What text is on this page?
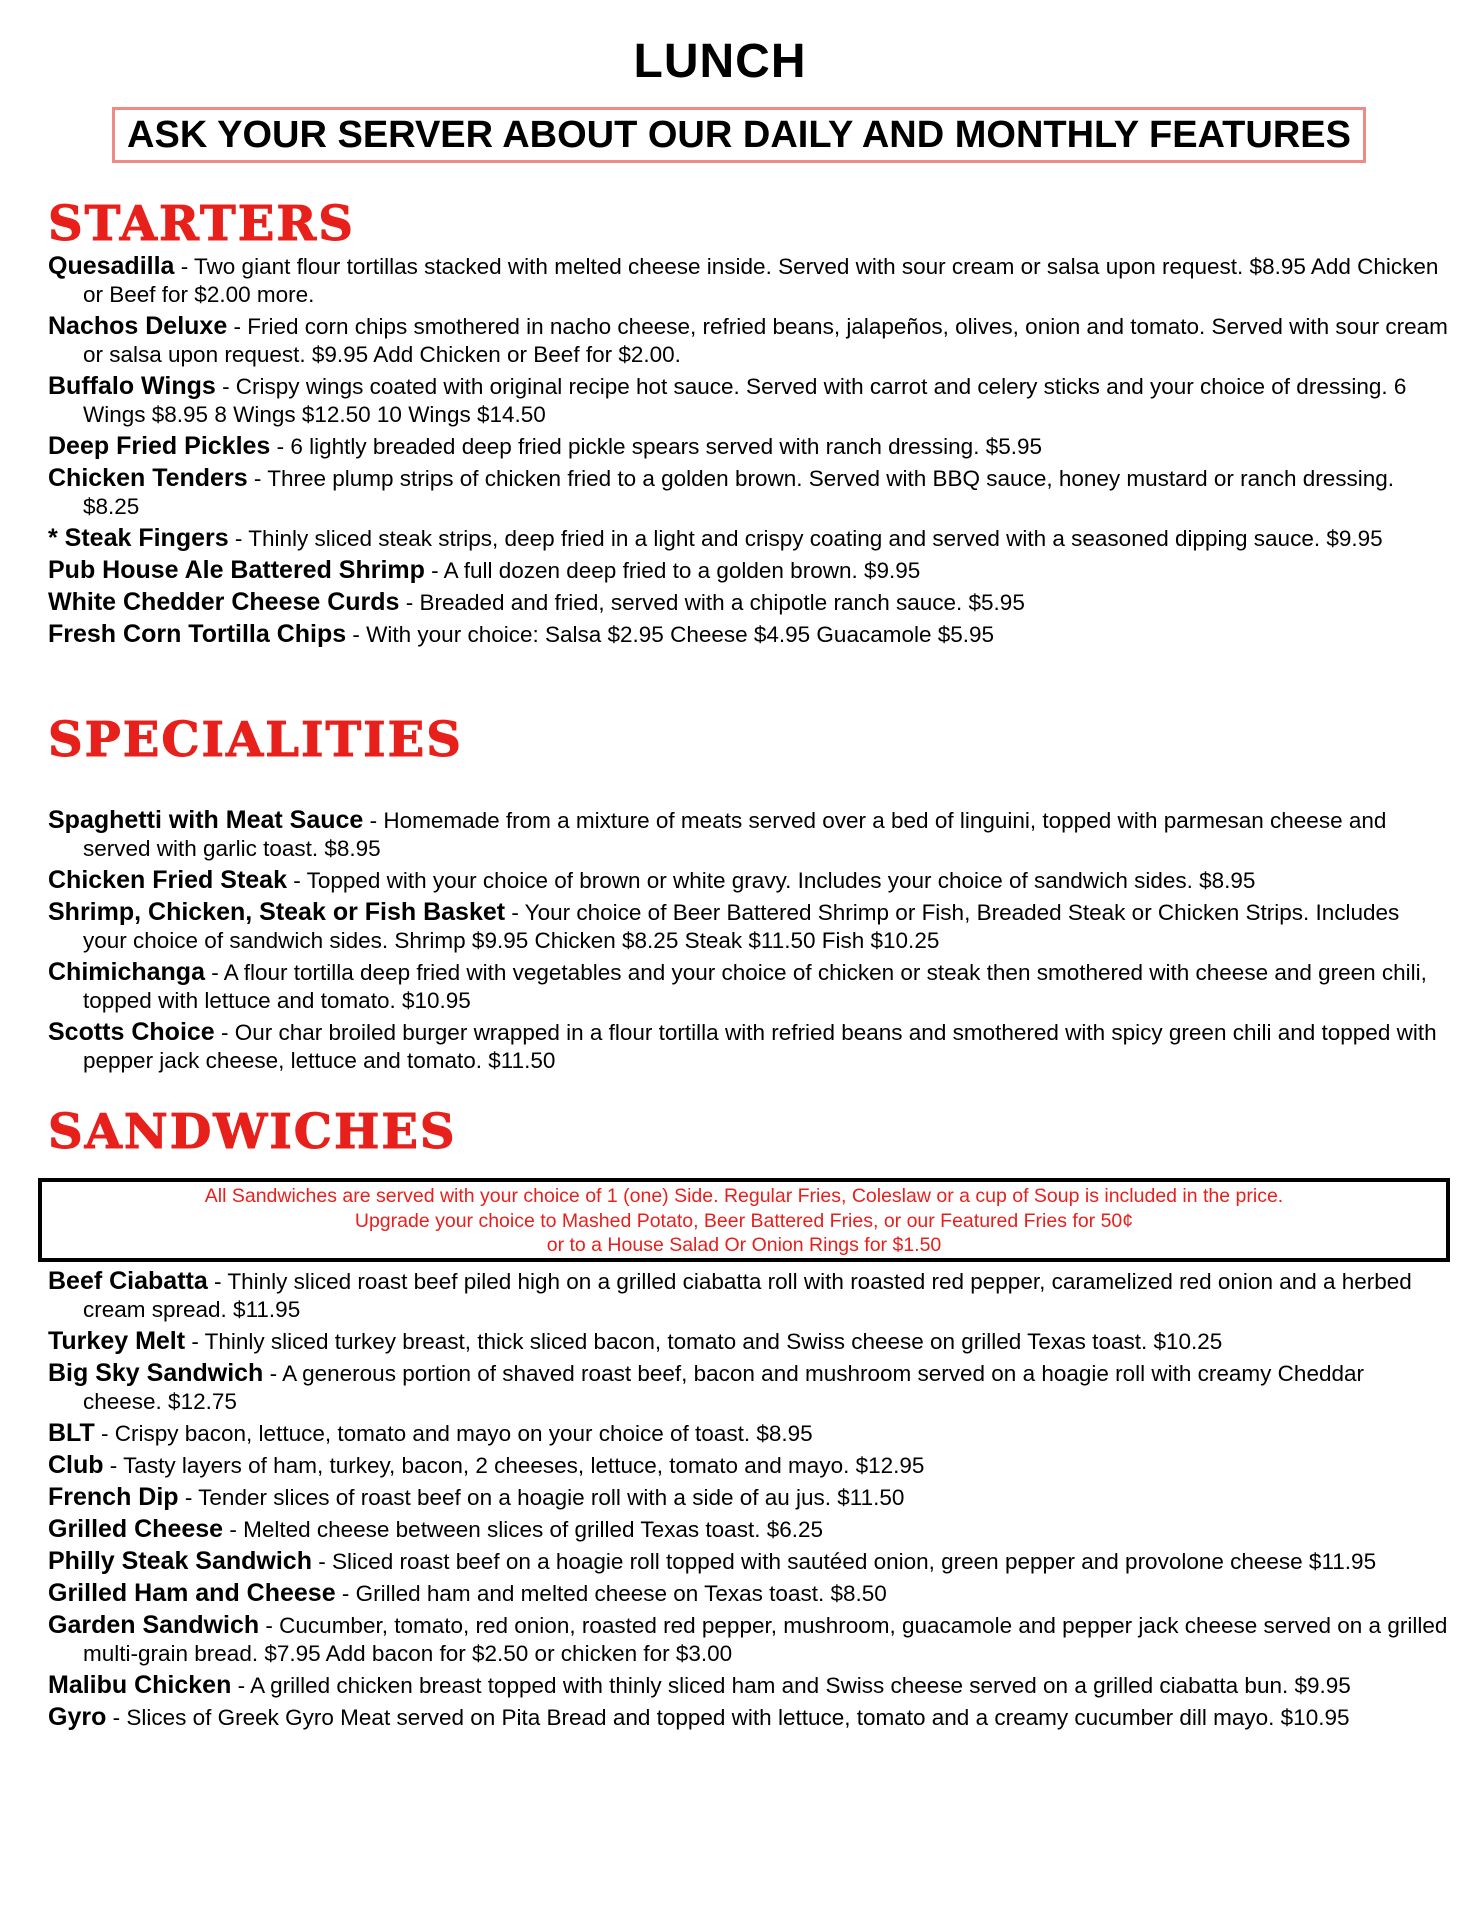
LUNCH
ASK YOUR SERVER ABOUT OUR DAILY AND MONTHLY FEATURES
STARTERS

Quesadilla - Two giant flour tortillas stacked with melted cheese inside. Served with sour cream or salsa upon request. $8.95 Add Chicken or Beef for $2.00 more.

Nachos Deluxe - Fried corn chips smothered in nacho cheese, refried beans, jalapeños, olives, onion and tomato. Served with sour cream or salsa upon request. $9.95 Add Chicken or Beef for $2.00.

Buffalo Wings - Crispy wings coated with original recipe hot sauce. Served with carrot and celery sticks and your choice of dressing. 6 Wings $8.95 8 Wings $12.50 10 Wings $14.50

Deep Fried Pickles - 6 lightly breaded deep fried pickle spears served with ranch dressing. $5.95

Chicken Tenders - Three plump strips of chicken fried to a golden brown. Served with BBQ sauce, honey mustard or ranch dressing. $8.25

* Steak Fingers - Thinly sliced steak strips, deep fried in a light and crispy coating and served with a seasoned dipping sauce. $9.95

Pub House Ale Battered Shrimp - A full dozen deep fried to a golden brown. $9.95

White Chedder Cheese Curds - Breaded and fried, served with a chipotle ranch sauce. $5.95

Fresh Corn Tortilla Chips - With your choice: Salsa $2.95 Cheese $4.95 Guacamole $5.95

SPECIALITIES

Spaghetti with Meat Sauce - Homemade from a mixture of meats served over a bed of linguini, topped with parmesan cheese and served with garlic toast. $8.95

Chicken Fried Steak - Topped with your choice of brown or white gravy. Includes your choice of sandwich sides. $8.95

Shrimp, Chicken, Steak or Fish Basket - Your choice of Beer Battered Shrimp or Fish, Breaded Steak or Chicken Strips. Includes your choice of sandwich sides. Shrimp $9.95 Chicken $8.25 Steak $11.50 Fish $10.25

Chimichanga - A flour tortilla deep fried with vegetables and your choice of chicken or steak then smothered with cheese and green chili, topped with lettuce and tomato. $10.95

Scotts Choice - Our char broiled burger wrapped in a flour tortilla with refried beans and smothered with spicy green chili and topped with pepper jack cheese, lettuce and tomato. $11.50

SANDWICHES
All Sandwiches are served with your choice of 1 (one) Side. Regular Fries, Coleslaw or a cup of Soup is included in the price.
Upgrade your choice to Mashed Potato, Beer Battered Fries, or our Featured Fries for 50¢
or to a House Salad Or Onion Rings for $1.50

Beef Ciabatta - Thinly sliced roast beef piled high on a grilled ciabatta roll with roasted red pepper, caramelized red onion and a herbed cream spread. $11.95

Turkey Melt - Thinly sliced turkey breast, thick sliced bacon, tomato and Swiss cheese on grilled Texas toast. $10.25

Big Sky Sandwich - A generous portion of shaved roast beef, bacon and mushroom served on a hoagie roll with creamy Cheddar cheese. $12.75

BLT - Crispy bacon, lettuce, tomato and mayo on your choice of toast. $8.95

Club - Tasty layers of ham, turkey, bacon, 2 cheeses, lettuce, tomato and mayo. $12.95

French Dip - Tender slices of roast beef on a hoagie roll with a side of au jus. $11.50

Grilled Cheese - Melted cheese between slices of grilled Texas toast. $6.25

Philly Steak Sandwich - Sliced roast beef on a hoagie roll topped with sautéed onion, green pepper and provolone cheese $11.95

Grilled Ham and Cheese - Grilled ham and melted cheese on Texas toast. $8.50

Garden Sandwich - Cucumber, tomato, red onion, roasted red pepper, mushroom, guacamole and pepper jack cheese served on a grilled multi-grain bread. $7.95 Add bacon for $2.50 or chicken for $3.00

Malibu Chicken - A grilled chicken breast topped with thinly sliced ham and Swiss cheese served on a grilled ciabatta bun. $9.95

Gyro - Slices of Greek Gyro Meat served on Pita Bread and topped with lettuce, tomato and a creamy cucumber dill mayo. $10.95
